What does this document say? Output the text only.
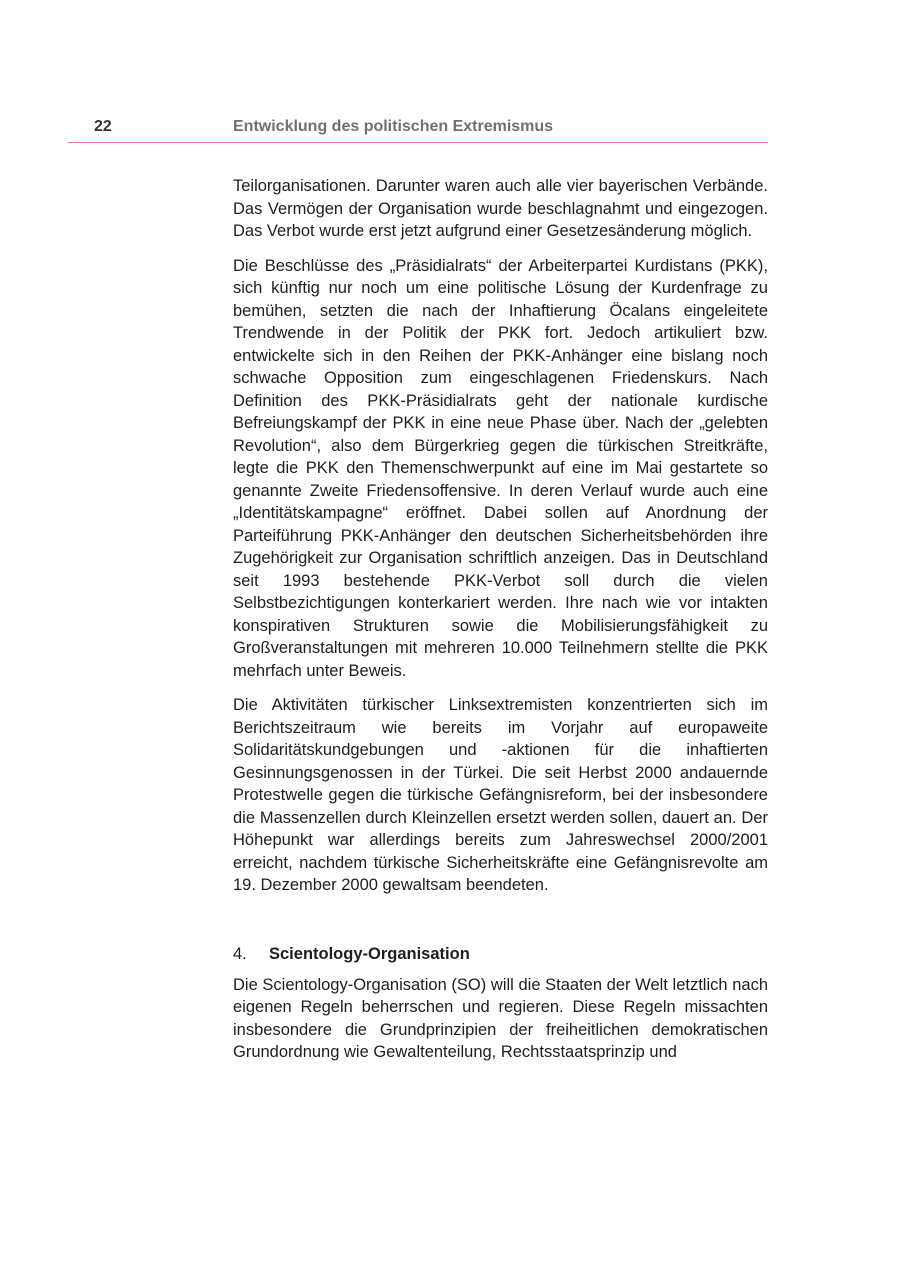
22	Entwicklung des politischen Extremismus

Teilorganisationen. Darunter waren auch alle vier bayerischen Verbände. Das Vermögen der Organisation wurde beschlagnahmt und eingezogen. Das Verbot wurde erst jetzt aufgrund einer Gesetzesänderung möglich.

Die Beschlüsse des „Präsidialrats“ der Arbeiterpartei Kurdistans (PKK), sich künftig nur noch um eine politische Lösung der Kurdenfrage zu bemühen, setzten die nach der Inhaftierung Öcalans eingeleitete Trendwende in der Politik der PKK fort. Jedoch artikuliert bzw. entwickelte sich in den Reihen der PKK-Anhänger eine bislang noch schwache Opposition zum eingeschlagenen Friedenskurs. Nach Definition des PKK-Präsidialrats geht der nationale kurdische Befreiungskampf der PKK in eine neue Phase über. Nach der „gelebten Revolution“, also dem Bürgerkrieg gegen die türkischen Streitkräfte, legte die PKK den Themenschwerpunkt auf eine im Mai gestartete so genannte Zweite Friedensoffensive. In deren Verlauf wurde auch eine „Identitätskampagne“ eröffnet. Dabei sollen auf Anordnung der Parteiführung PKK-Anhänger den deutschen Sicherheitsbehörden ihre Zugehörigkeit zur Organisation schriftlich anzeigen. Das in Deutschland seit 1993 bestehende PKK-Verbot soll durch die vielen Selbstbezichtigungen konterkariert werden. Ihre nach wie vor intakten konspirativen Strukturen sowie die Mobilisierungsfähigkeit zu Großveranstaltungen mit mehreren 10.000 Teilnehmern stellte die PKK mehrfach unter Beweis.

Die Aktivitäten türkischer Linksextremisten konzentrierten sich im Berichtszeitraum wie bereits im Vorjahr auf europaweite Solidaritätskundgebungen und -aktionen für die inhaftierten Gesinnungsgenossen in der Türkei. Die seit Herbst 2000 andauernde Protestwelle gegen die türkische Gefängnisreform, bei der insbesondere die Massenzellen durch Kleinzellen ersetzt werden sollen, dauert an. Der Höhepunkt war allerdings bereits zum Jahreswechsel 2000/2001 erreicht, nachdem türkische Sicherheitskräfte eine Gefängnisrevolte am 19. Dezember 2000 gewaltsam beendeten.

4.	Scientology-Organisation

Die Scientology-Organisation (SO) will die Staaten der Welt letztlich nach eigenen Regeln beherrschen und regieren. Diese Regeln missachten insbesondere die Grundprinzipien der freiheitlichen demokratischen Grundordnung wie Gewaltenteilung, Rechtsstaatsprinzip und
